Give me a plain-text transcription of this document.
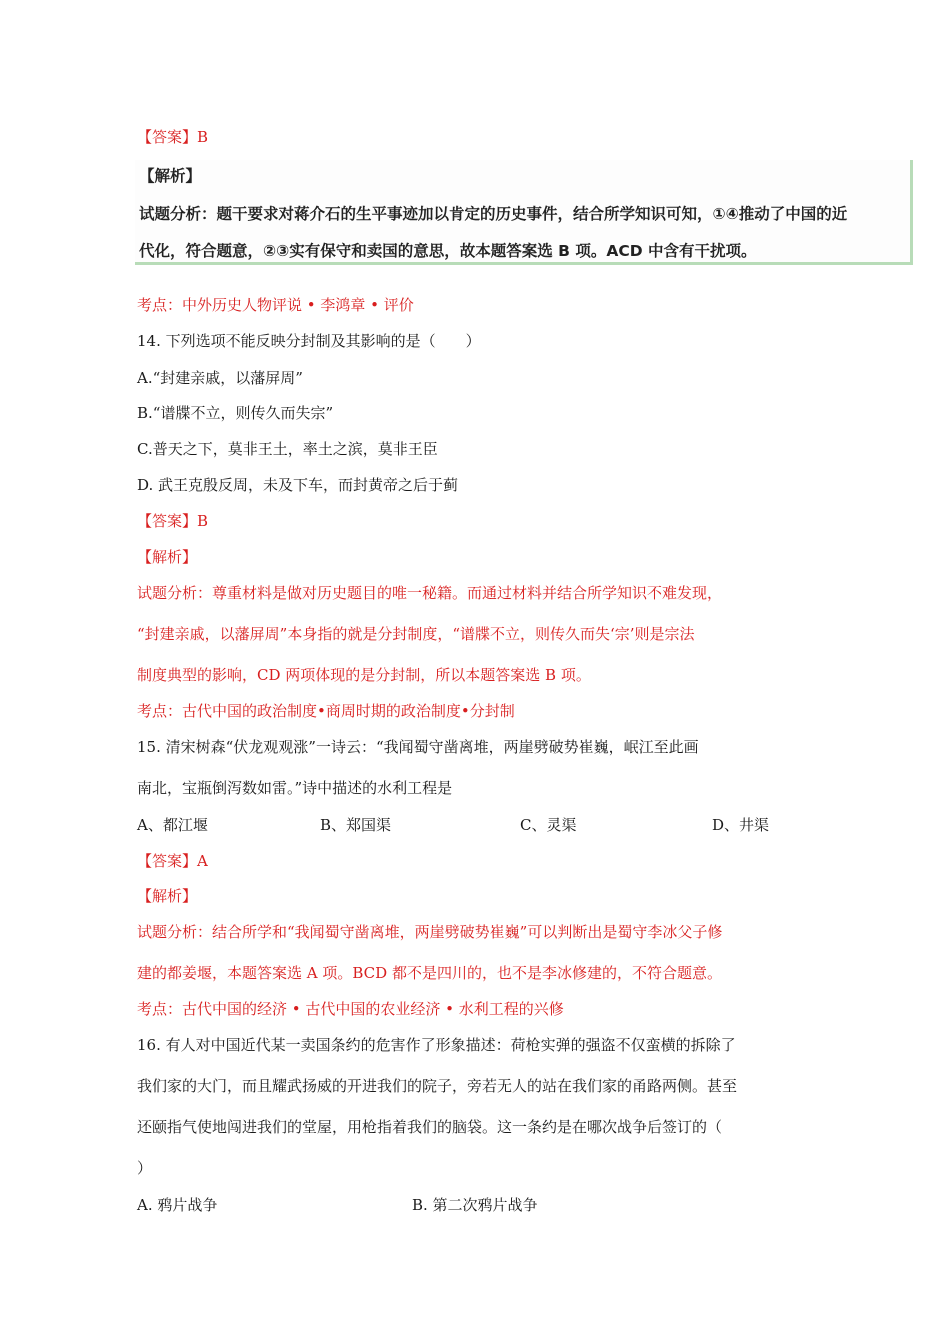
【答案】B
【解析】
试题分析：题干要求对蒋介石的生平事迹加以肯定的历史事件，结合所学知识可知，①④推动了中国的近
代化，符合题意，②③实有保守和卖国的意思，故本题答案选 B 项。ACD 中含有干扰项。
考点：中外历史人物评说 • 李鸿章 • 评价
14. 下列选项不能反映分封制及其影响的是（　　）
A.“封建亲戚，以藩屏周”
B.“谱牒不立，则传久而失宗”
C.普天之下，莫非王土，率土之滨，莫非王臣
D. 武王克殷反周，未及下车，而封黄帝之后于蓟
【答案】B
【解析】
试题分析：尊重材料是做对历史题目的唯一秘籍。而通过材料并结合所学知识不难发现，
“封建亲戚，以藩屏周”本身指的就是分封制度，“谱牒不立，则传久而失‘宗’则是宗法
制度典型的影响，CD 两项体现的是分封制，所以本题答案选 B 项。
考点：古代中国的政治制度•商周时期的政治制度•分封制
15. 清宋树森“伏龙观观涨”一诗云：“我闻蜀守凿离堆，两崖劈破势崔巍，岷江至此画
南北，宝瓶倒泻数如雷。”诗中描述的水利工程是
A、都江堰	B、郑国渠	C、灵渠	D、井渠
【答案】A
【解析】
试题分析：结合所学和“我闻蜀守凿离堆，两崖劈破势崔巍”可以判断出是蜀守李冰父子修
建的都姜堰，本题答案选 A 项。BCD 都不是四川的，也不是李冰修建的，不符合题意。
考点：古代中国的经济 • 古代中国的农业经济 • 水利工程的兴修
16. 有人对中国近代某一卖国条约的危害作了形象描述：荷枪实弹的强盗不仅蛮横的拆除了
我们家的大门，而且耀武扬威的开进我们的院子，旁若无人的站在我们家的甬路两侧。甚至
还颐指气使地闯进我们的堂屋，用枪指着我们的脑袋。这一条约是在哪次战争后签订的（
）
A. 鸦片战争	B. 第二次鸦片战争
